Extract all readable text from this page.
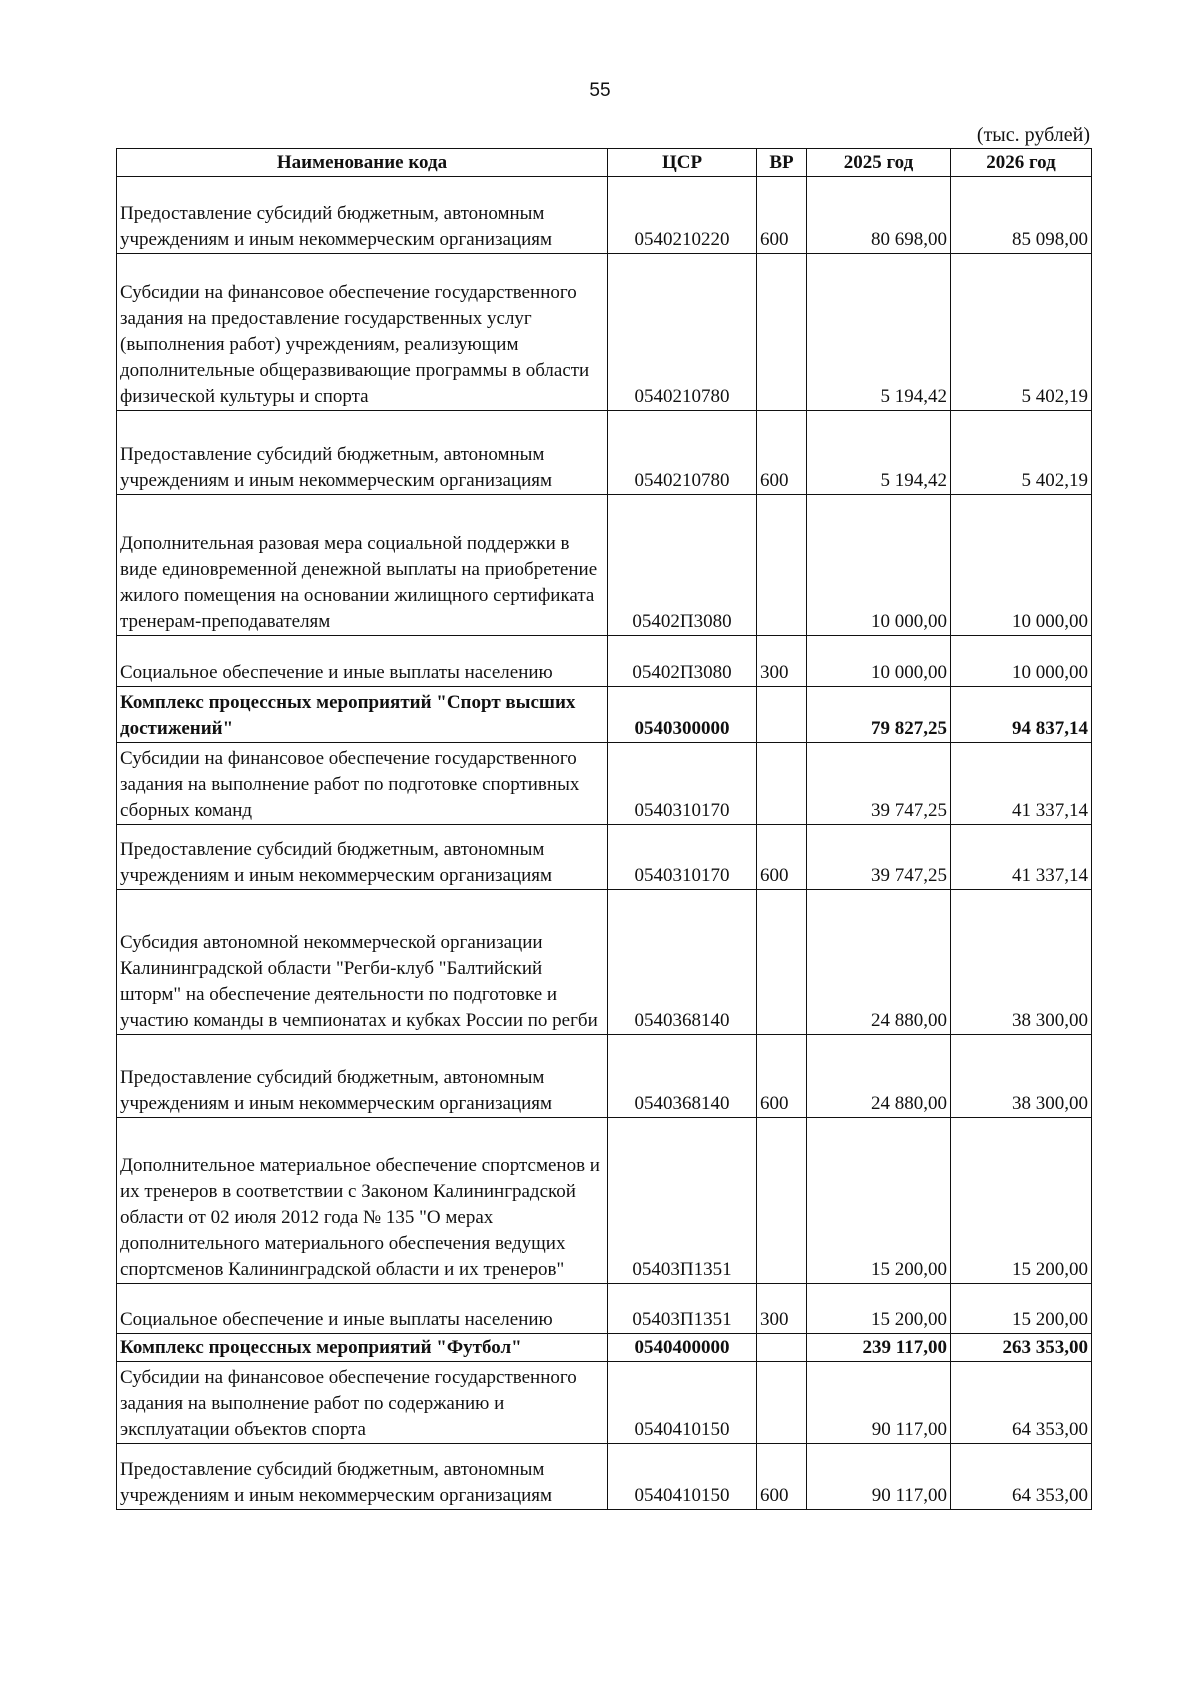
55
(тыс. рублей)
Наименование кода	ЦСР	ВР	2025 год	2026 год
Предоставление субсидий бюджетным, автономным учреждениям и иным некоммерческим организациям	0540210220	600	80 698,00	85 098,00
Субсидии на финансовое обеспечение государственного задания на предоставление государственных услуг (выполнения работ) учреждениям, реализующим дополнительные общеразвивающие программы в области физической культуры и спорта	0540210780		5 194,42	5 402,19
Предоставление субсидий бюджетным, автономным учреждениям и иным некоммерческим организациям	0540210780	600	5 194,42	5 402,19
Дополнительная разовая мера социальной поддержки в виде единовременной денежной выплаты на приобретение жилого помещения на основании жилищного сертификата тренерам-преподавателям	05402П3080		10 000,00	10 000,00
Социальное обеспечение и иные выплаты населению	05402П3080	300	10 000,00	10 000,00
Комплекс процессных мероприятий "Спорт высших достижений"	0540300000		79 827,25	94 837,14
Субсидии на финансовое обеспечение государственного задания на выполнение работ по подготовке спортивных сборных команд	0540310170		39 747,25	41 337,14
Предоставление субсидий бюджетным, автономным учреждениям и иным некоммерческим организациям	0540310170	600	39 747,25	41 337,14
Субсидия автономной некоммерческой организации Калининградской области "Регби-клуб "Балтийский шторм" на обеспечение деятельности по подготовке и участию команды в чемпионатах и кубках России по регби	0540368140		24 880,00	38 300,00
Предоставление субсидий бюджетным, автономным учреждениям и иным некоммерческим организациям	0540368140	600	24 880,00	38 300,00
Дополнительное материальное обеспечение спортсменов и их тренеров в соответствии с Законом Калининградской области от 02 июля 2012 года № 135 "О мерах дополнительного материального обеспечения ведущих спортсменов Калининградской области и их тренеров"	05403П1351		15 200,00	15 200,00
Социальное обеспечение и иные выплаты населению	05403П1351	300	15 200,00	15 200,00
Комплекс процессных мероприятий "Футбол"	0540400000		239 117,00	263 353,00
Субсидии на финансовое обеспечение государственного задания на выполнение работ по содержанию и эксплуатации объектов спорта	0540410150		90 117,00	64 353,00
Предоставление субсидий бюджетным, автономным учреждениям и иным некоммерческим организациям	0540410150	600	90 117,00	64 353,00
